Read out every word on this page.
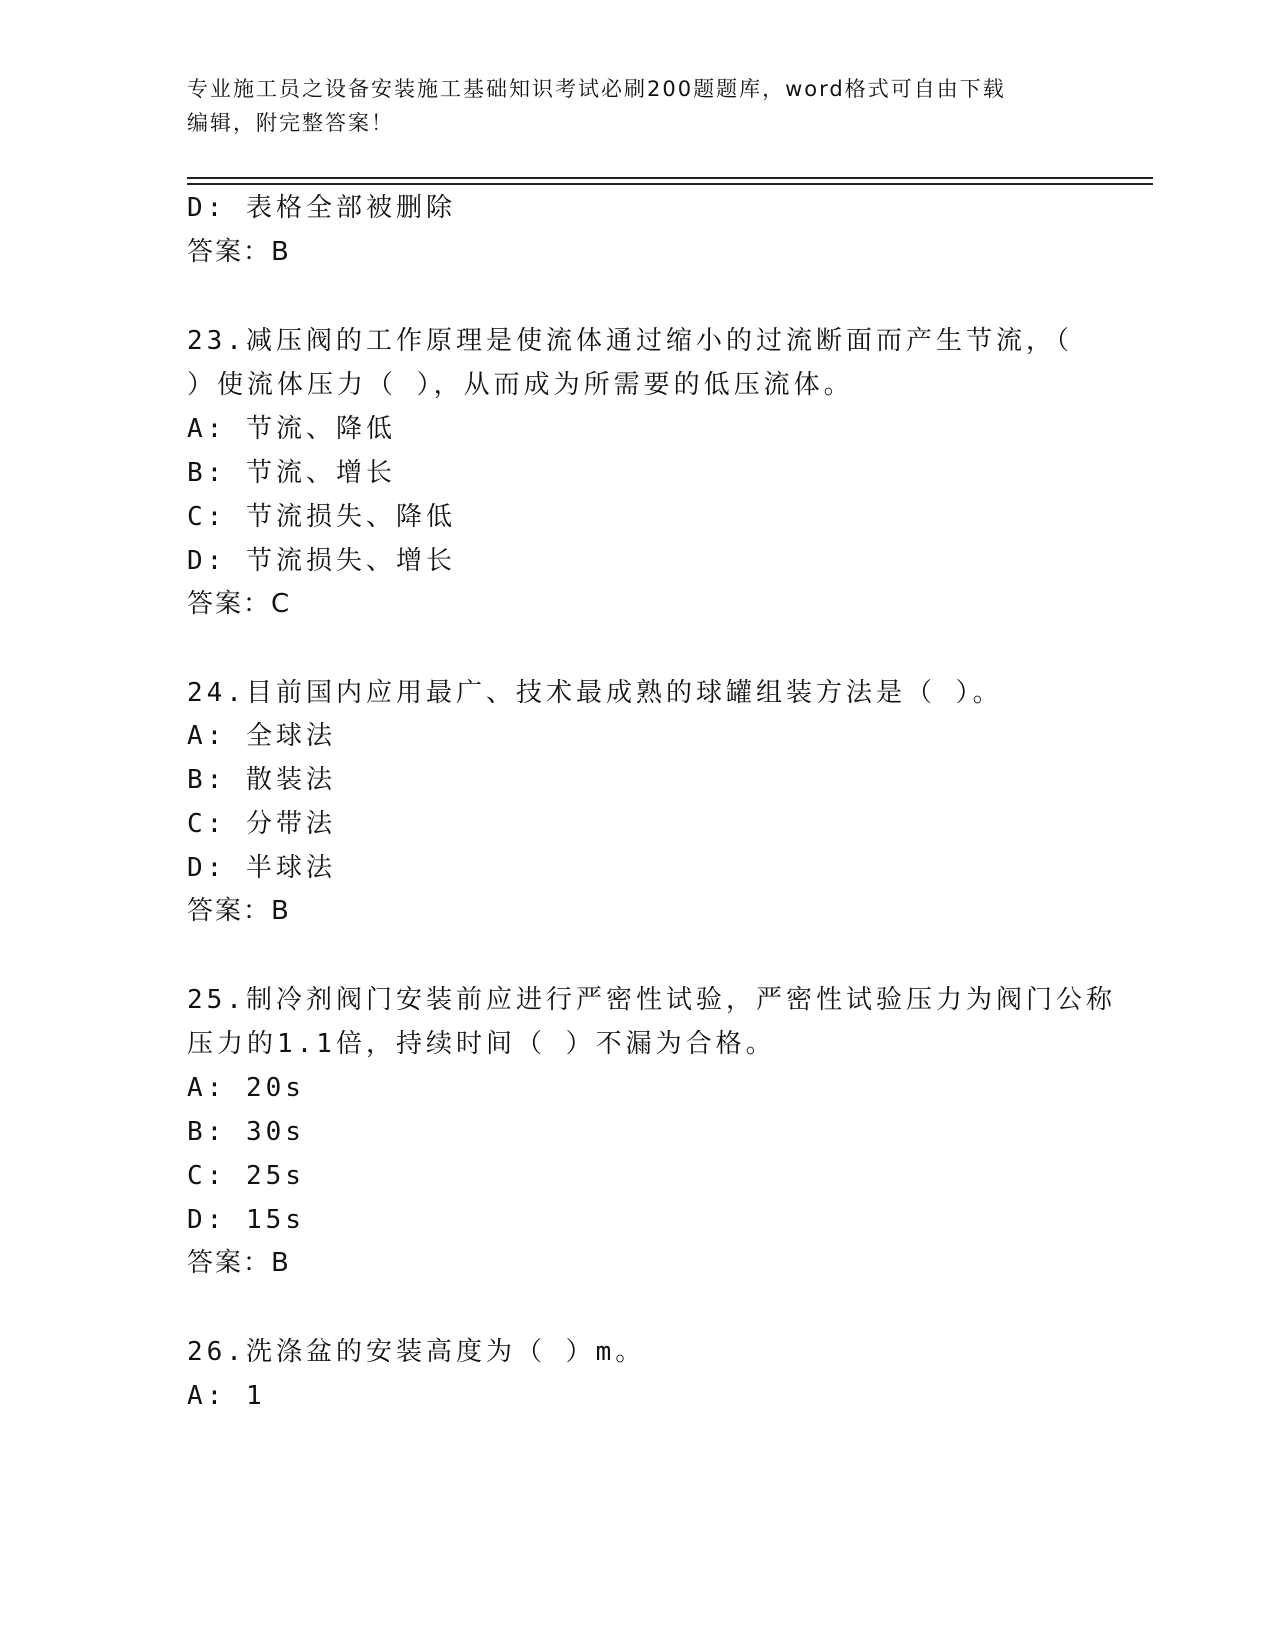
专业施工员之设备安装施工基础知识考试必刷200题题库，word格式可自由下载
编辑，附完整答案！
D: 表格全部被删除
答案：B
23.减压阀的工作原理是使流体通过缩小的过流断面而产生节流，（
）使流体压力（ ），从而成为所需要的低压流体。
A: 节流、降低
B: 节流、增长
C: 节流损失、降低
D: 节流损失、增长
答案：C
24.目前国内应用最广、技术最成熟的球罐组装方法是（ ）。
A: 全球法
B: 散装法
C: 分带法
D: 半球法
答案：B
25.制冷剂阀门安装前应进行严密性试验，严密性试验压力为阀门公称
压力的1.1倍，持续时间（ ）不漏为合格。
A: 20s
B: 30s
C: 25s
D: 15s
答案：B
26.洗涤盆的安装高度为（ ）m。
A: 1
